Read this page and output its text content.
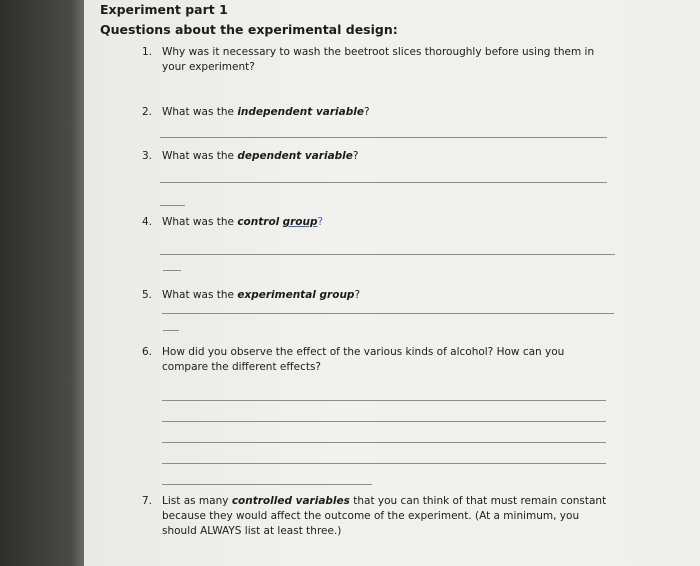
Experiment part 1
Questions about the experimental design:
1. Why was it necessary to wash the beetroot slices thoroughly before using them in
your experiment?
2. What was the independent variable?
3. What was the dependent variable?
4. What was the control group?
5. What was the experimental group?
6. How did you observe the effect of the various kinds of alcohol? How can you
compare the different effects?
7. List as many controlled variables that you can think of that must remain constant
because they would affect the outcome of the experiment. (At a minimum, you
should ALWAYS list at least three.)
